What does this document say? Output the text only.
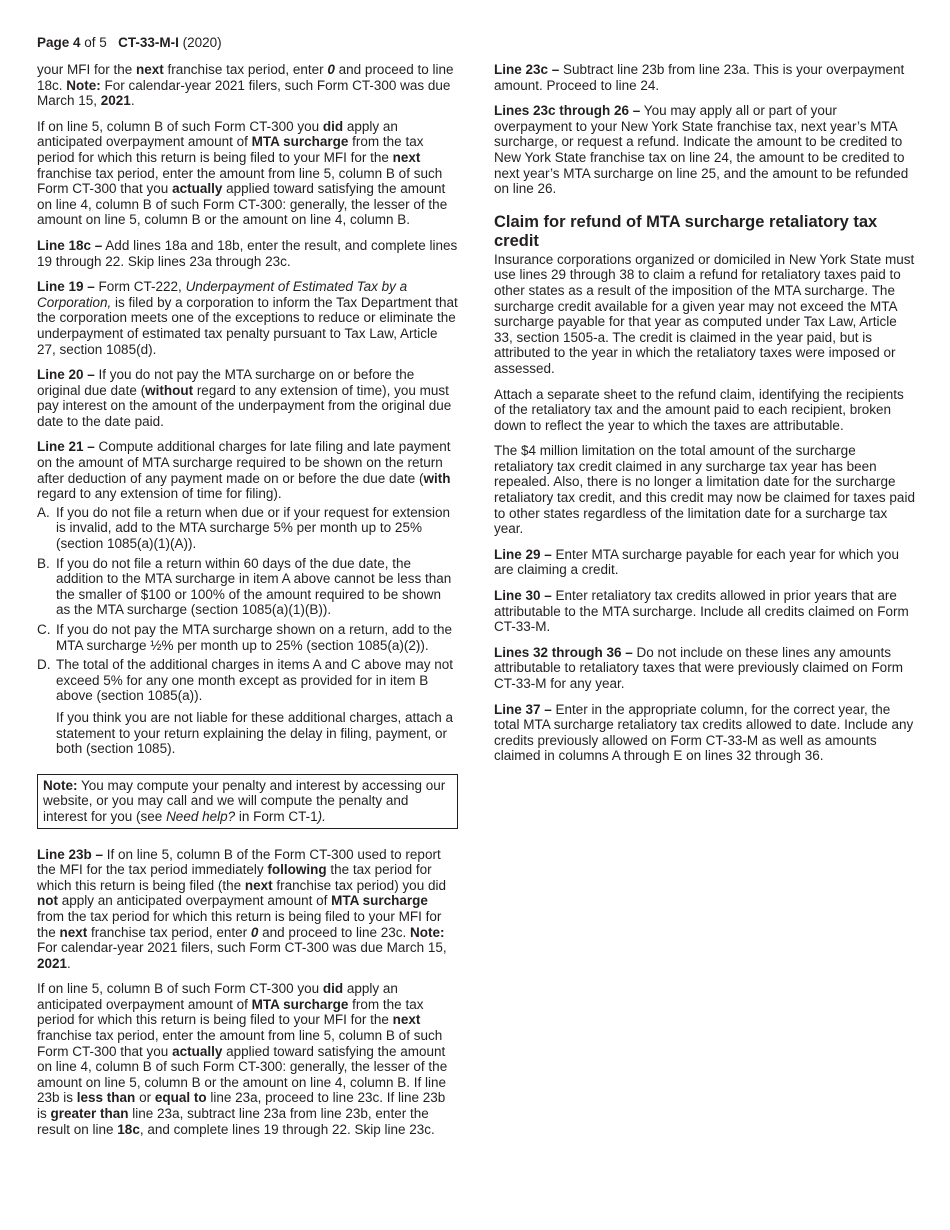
Page 4 of 5 CT-33-M-I (2020)

your MFI for the next franchise tax period, enter 0 and proceed to line 18c. Note: For calendar-year 2021 filers, such Form CT-300 was due March 15, 2021.

If on line 5, column B of such Form CT-300 you did apply an anticipated overpayment amount of MTA surcharge from the tax period for which this return is being filed to your MFI for the next franchise tax period, enter the amount from line 5, column B of such Form CT-300 that you actually applied toward satisfying the amount on line 4, column B of such Form CT-300: generally, the lesser of the amount on line 5, column B or the amount on line 4, column B.

Line 18c – Add lines 18a and 18b, enter the result, and complete lines 19 through 22. Skip lines 23a through 23c.

Line 19 – Form CT-222, Underpayment of Estimated Tax by a Corporation, is filed by a corporation to inform the Tax Department that the corporation meets one of the exceptions to reduce or eliminate the underpayment of estimated tax penalty pursuant to Tax Law, Article 27, section 1085(d).

Line 20 – If you do not pay the MTA surcharge on or before the original due date (without regard to any extension of time), you must pay interest on the amount of the underpayment from the original due date to the date paid.

Line 21 – Compute additional charges for late filing and late payment on the amount of MTA surcharge required to be shown on the return after deduction of any payment made on or before the due date (with regard to any extension of time for filing).

A. If you do not file a return when due or if your request for extension is invalid, add to the MTA surcharge 5% per month up to 25% (section 1085(a)(1)(A)).
B. If you do not file a return within 60 days of the due date, the addition to the MTA surcharge in item A above cannot be less than the smaller of $100 or 100% of the amount required to be shown as the MTA surcharge (section 1085(a)(1)(B)).
C. If you do not pay the MTA surcharge shown on a return, add to the MTA surcharge ½% per month up to 25% (section 1085(a)(2)).
D. The total of the additional charges in items A and C above may not exceed 5% for any one month except as provided for in item B above (section 1085(a)).
If you think you are not liable for these additional charges, attach a statement to your return explaining the delay in filing, payment, or both (section 1085).
Note: You may compute your penalty and interest by accessing our website, or you may call and we will compute the penalty and interest for you (see Need help? in Form CT-1).

Line 23b – If on line 5, column B of the Form CT-300 used to report the MFI for the tax period immediately following the tax period for which this return is being filed (the next franchise tax period) you did not apply an anticipated overpayment amount of MTA surcharge from the tax period for which this return is being filed to your MFI for the next franchise tax period, enter 0 and proceed to line 23c. Note: For calendar-year 2021 filers, such Form CT-300 was due March 15, 2021.

If on line 5, column B of such Form CT-300 you did apply an anticipated overpayment amount of MTA surcharge from the tax period for which this return is being filed to your MFI for the next franchise tax period, enter the amount from line 5, column B of such Form CT-300 that you actually applied toward satisfying the amount on line 4, column B of such Form CT-300: generally, the lesser of the amount on line 5, column B or the amount on line 4, column B. If line 23b is less than or equal to line 23a, proceed to line 23c. If line 23b is greater than line 23a, subtract line 23a from line 23b, enter the result on line 18c, and complete lines 19 through 22. Skip line 23c.

Line 23c – Subtract line 23b from line 23a. This is your overpayment amount. Proceed to line 24.

Lines 23c through 26 – You may apply all or part of your overpayment to your New York State franchise tax, next year’s MTA surcharge, or request a refund. Indicate the amount to be credited to New York State franchise tax on line 24, the amount to be credited to next year’s MTA surcharge on line 25, and the amount to be refunded on line 26.

Claim for refund of MTA surcharge retaliatory tax credit

Insurance corporations organized or domiciled in New York State must use lines 29 through 38 to claim a refund for retaliatory taxes paid to other states as a result of the imposition of the MTA surcharge. The surcharge credit available for a given year may not exceed the MTA surcharge payable for that year as computed under Tax Law, Article 33, section 1505-a. The credit is claimed in the year paid, but is attributed to the year in which the retaliatory taxes were imposed or assessed.

Attach a separate sheet to the refund claim, identifying the recipients of the retaliatory tax and the amount paid to each recipient, broken down to reflect the year to which the taxes are attributable.

The $4 million limitation on the total amount of the surcharge retaliatory tax credit claimed in any surcharge tax year has been repealed. Also, there is no longer a limitation date for the surcharge retaliatory tax credit, and this credit may now be claimed for taxes paid to other states regardless of the limitation date for a surcharge tax year.

Line 29 – Enter MTA surcharge payable for each year for which you are claiming a credit.

Line 30 – Enter retaliatory tax credits allowed in prior years that are attributable to the MTA surcharge. Include all credits claimed on Form CT-33-M.

Lines 32 through 36 – Do not include on these lines any amounts attributable to retaliatory taxes that were previously claimed on Form CT-33-M for any year.

Line 37 – Enter in the appropriate column, for the correct year, the total MTA surcharge retaliatory tax credits allowed to date. Include any credits previously allowed on Form CT-33-M as well as amounts claimed in columns A through E on lines 32 through 36.
